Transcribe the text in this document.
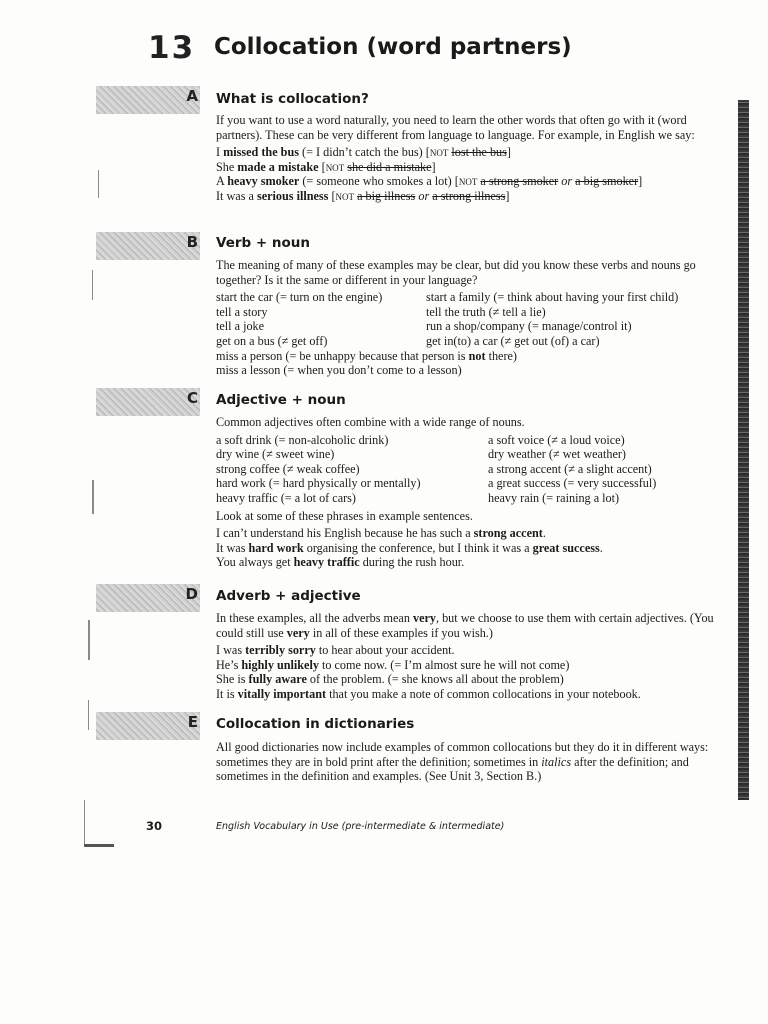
13 Collocation (word partners)
A What is collocation?

If you want to use a word naturally, you need to learn the other words that often go with it (word partners). These can be very different from language to language. For example, in English we say:

I missed the bus (= I didn’t catch the bus) [not lost the bus]

She made a mistake [not she did a mistake]

A heavy smoker (= someone who smokes a lot) [not a strong smoker or a big smoker]

It was a serious illness [not a big illness or a strong illness]

B Verb + noun

The meaning of many of these examples may be clear, but did you know these verbs and nouns go together? Is it the same or different in your language?

start the car (= turn on the engine)	start a family (= think about having your first child)
tell a story	tell the truth (≠ tell a lie)
tell a joke	run a shop/company (= manage/control it)
get on a bus (≠ get off)	get in(to) a car (≠ get out (of) a car)

miss a person (= be unhappy because that person is not there)

miss a lesson (= when you don’t come to a lesson)

C Adjective + noun

Common adjectives often combine with a wide range of nouns.

a soft drink (= non-alcoholic drink)	a soft voice (≠ a loud voice)
dry wine (≠ sweet wine)	dry weather (≠ wet weather)
strong coffee (≠ weak coffee)	a strong accent (≠ a slight accent)
hard work (= hard physically or mentally)	a great success (= very successful)
heavy traffic (= a lot of cars)	heavy rain (= raining a lot)

Look at some of these phrases in example sentences.

I can’t understand his English because he has such a strong accent.

It was hard work organising the conference, but I think it was a great success.

You always get heavy traffic during the rush hour.

D Adverb + adjective

In these examples, all the adverbs mean very, but we choose to use them with certain adjectives. (You could still use very in all of these examples if you wish.)

I was terribly sorry to hear about your accident.

He’s highly unlikely to come now. (= I’m almost sure he will not come)

She is fully aware of the problem. (= she knows all about the problem)

It is vitally important that you make a note of common collocations in your notebook.

E Collocation in dictionaries

All good dictionaries now include examples of common collocations but they do it in different ways: sometimes they are in bold print after the definition; sometimes in italics after the definition; and sometimes in the definition and examples. (See Unit 3, Section B.)

30	English Vocabulary in Use (pre-intermediate & intermediate)
